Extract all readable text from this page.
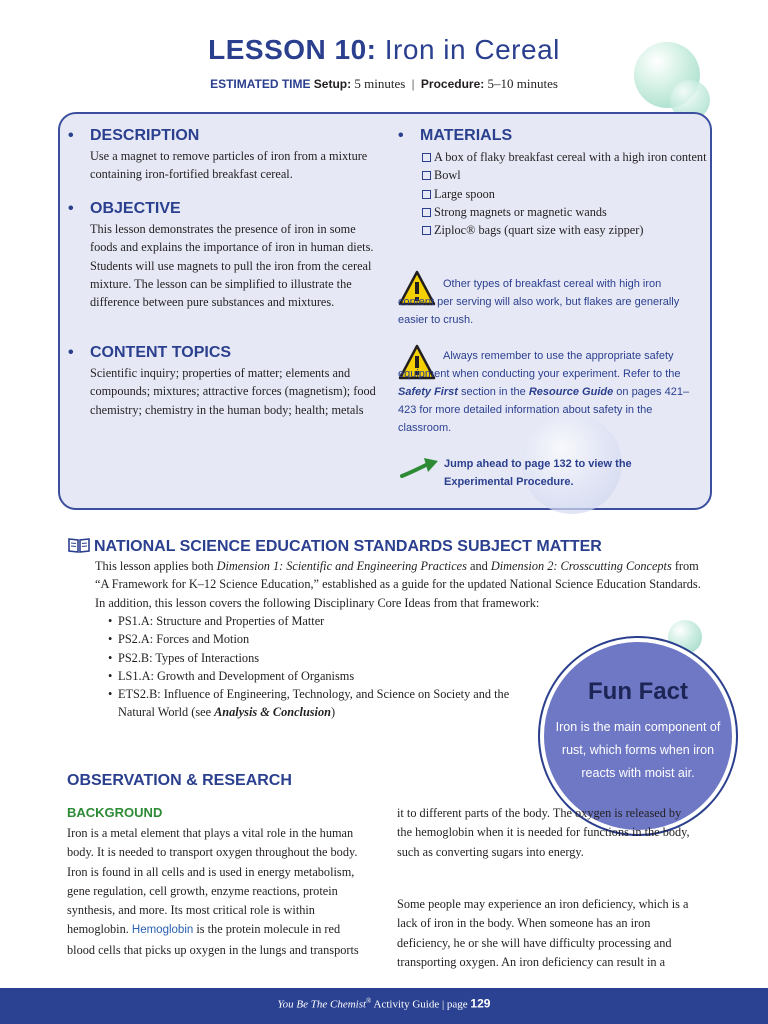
LESSON 10: Iron in Cereal
ESTIMATED TIME Setup: 5 minutes | Procedure: 5–10 minutes
• DESCRIPTION
Use a magnet to remove particles of iron from a mixture containing iron-fortified breakfast cereal.
• OBJECTIVE
This lesson demonstrates the presence of iron in some foods and explains the importance of iron in human diets. Students will use magnets to pull the iron from the cereal mixture. The lesson can be simplified to illustrate the difference between pure substances and mixtures.
• CONTENT TOPICS
Scientific inquiry; properties of matter; elements and compounds; mixtures; attractive forces (magnetism); food chemistry; chemistry in the human body; health; metals
• MATERIALS
A box of flaky breakfast cereal with a high iron content
Bowl
Large spoon
Strong magnets or magnetic wands
Ziploc® bags (quart size with easy zipper)
Other types of breakfast cereal with high iron content per serving will also work, but flakes are generally easier to crush.
Always remember to use the appropriate safety equipment when conducting your experiment. Refer to the Safety First section in the Resource Guide on pages 421–423 for more detailed information about safety in the classroom.
Jump ahead to page 132 to view the Experimental Procedure.
NATIONAL SCIENCE EDUCATION STANDARDS SUBJECT MATTER
This lesson applies both Dimension 1: Scientific and Engineering Practices and Dimension 2: Crosscutting Concepts from “A Framework for K–12 Science Education,” established as a guide for the updated National Science Education Standards. In addition, this lesson covers the following Disciplinary Core Ideas from that framework:
• PS1.A: Structure and Properties of Matter
• PS2.A: Forces and Motion
• PS2.B: Types of Interactions
• LS1.A: Growth and Development of Organisms
• ETS2.B: Influence of Engineering, Technology, and Science on Society and the Natural World (see Analysis & Conclusion)
Fun Fact
Iron is the main component of rust, which forms when iron reacts with moist air.
OBSERVATION & RESEARCH
BACKGROUND
Iron is a metal element that plays a vital role in the human body. It is needed to transport oxygen throughout the body. Iron is found in all cells and is used in energy metabolism, gene regulation, cell growth, enzyme reactions, protein synthesis, and more. Its most critical role is within hemoglobin. Hemoglobin is the protein molecule in red blood cells that picks up oxygen in the lungs and transports
it to different parts of the body. The oxygen is released by the hemoglobin when it is needed for functions in the body, such as converting sugars into energy.
Some people may experience an iron deficiency, which is a lack of iron in the body. When someone has an iron deficiency, he or she will have difficulty processing and transporting oxygen. An iron deficiency can result in a
You Be The Chemist® Activity Guide | page 129
